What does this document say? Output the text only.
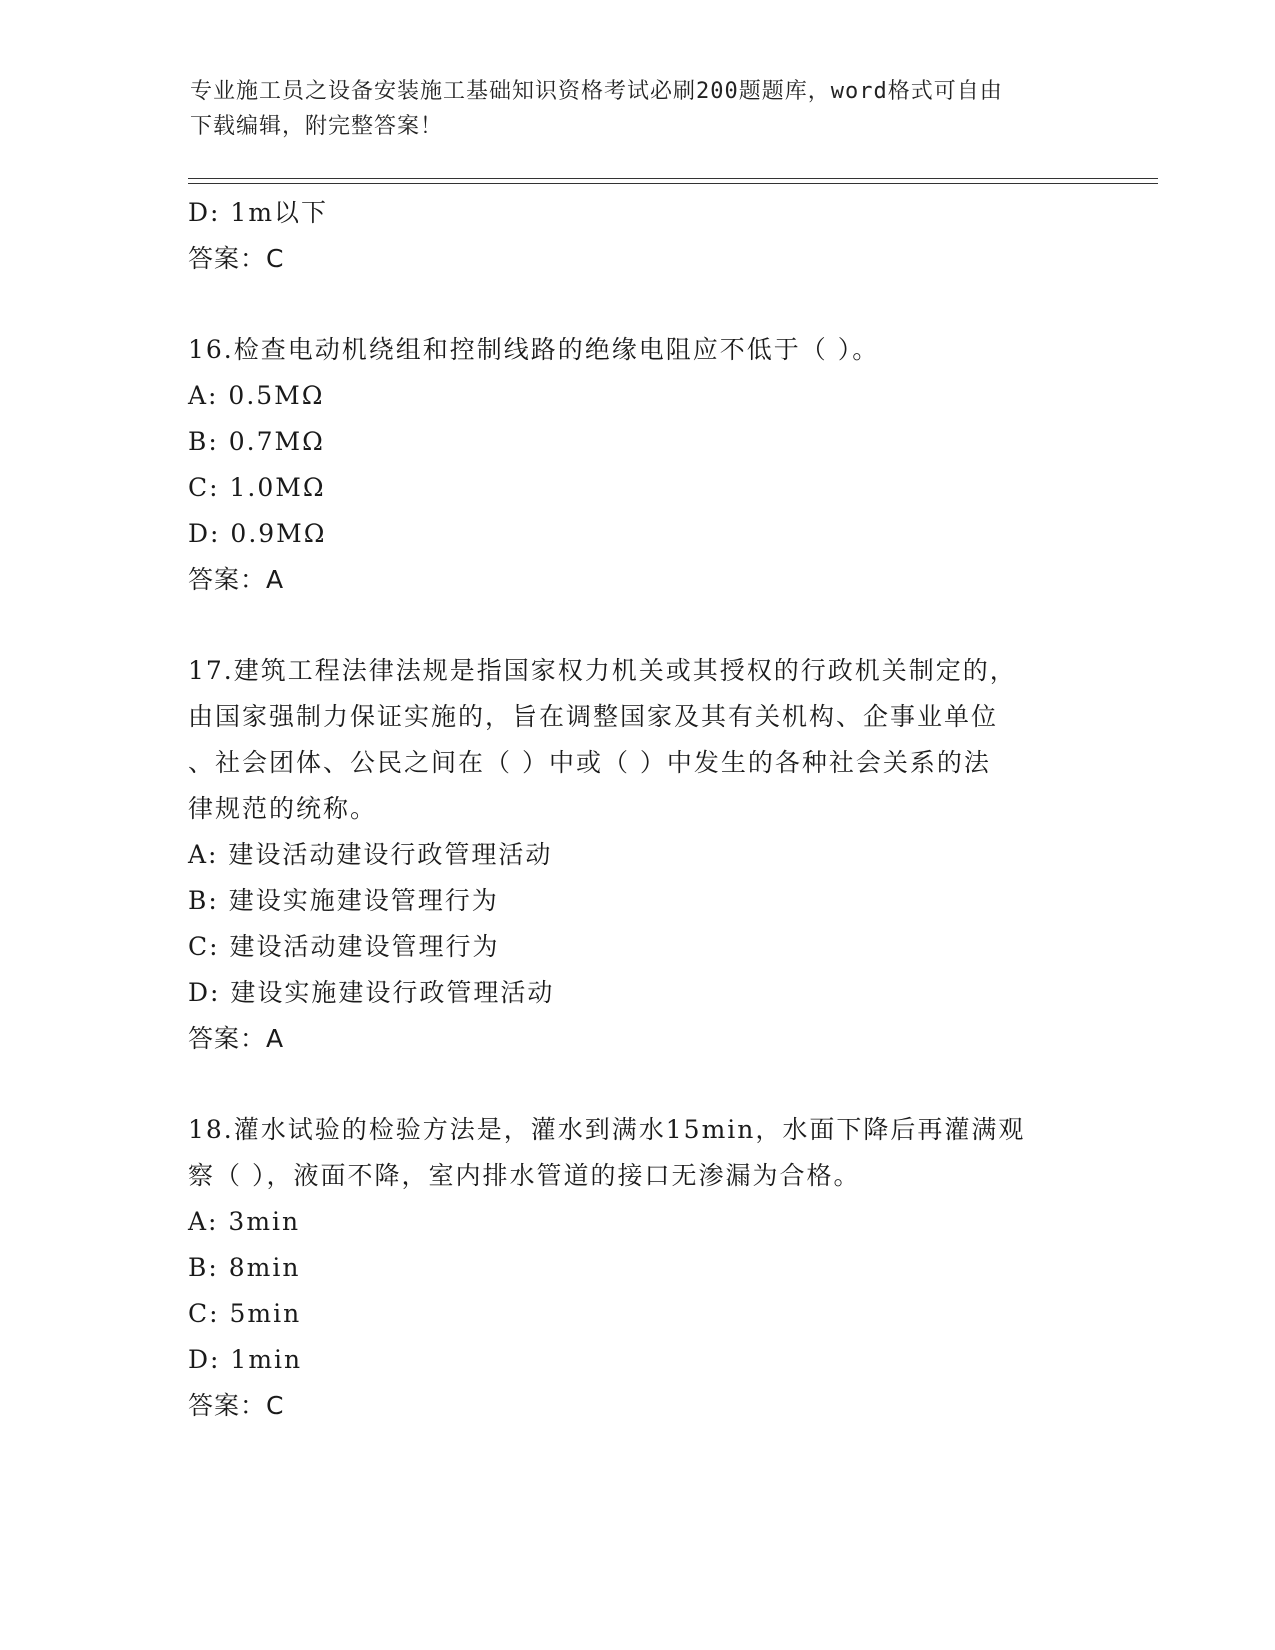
专业施工员之设备安装施工基础知识资格考试必刷200题题库，word格式可自由
下载编辑，附完整答案！
D: 1m以下
答案：C
16.检查电动机绕组和控制线路的绝缘电阻应不低于（ ）。
A: 0.5MΩ
B: 0.7MΩ
C: 1.0MΩ
D: 0.9MΩ
答案：A
17.建筑工程法律法规是指国家权力机关或其授权的行政机关制定的，
由国家强制力保证实施的，旨在调整国家及其有关机构、企事业单位
、社会团体、公民之间在（ ）中或（ ）中发生的各种社会关系的法
律规范的统称。
A: 建设活动建设行政管理活动
B: 建设实施建设管理行为
C: 建设活动建设管理行为
D: 建设实施建设行政管理活动
答案：A
18.灌水试验的检验方法是，灌水到满水15min，水面下降后再灌满观
察（ ），液面不降，室内排水管道的接口无渗漏为合格。
A: 3min
B: 8min
C: 5min
D: 1min
答案：C
